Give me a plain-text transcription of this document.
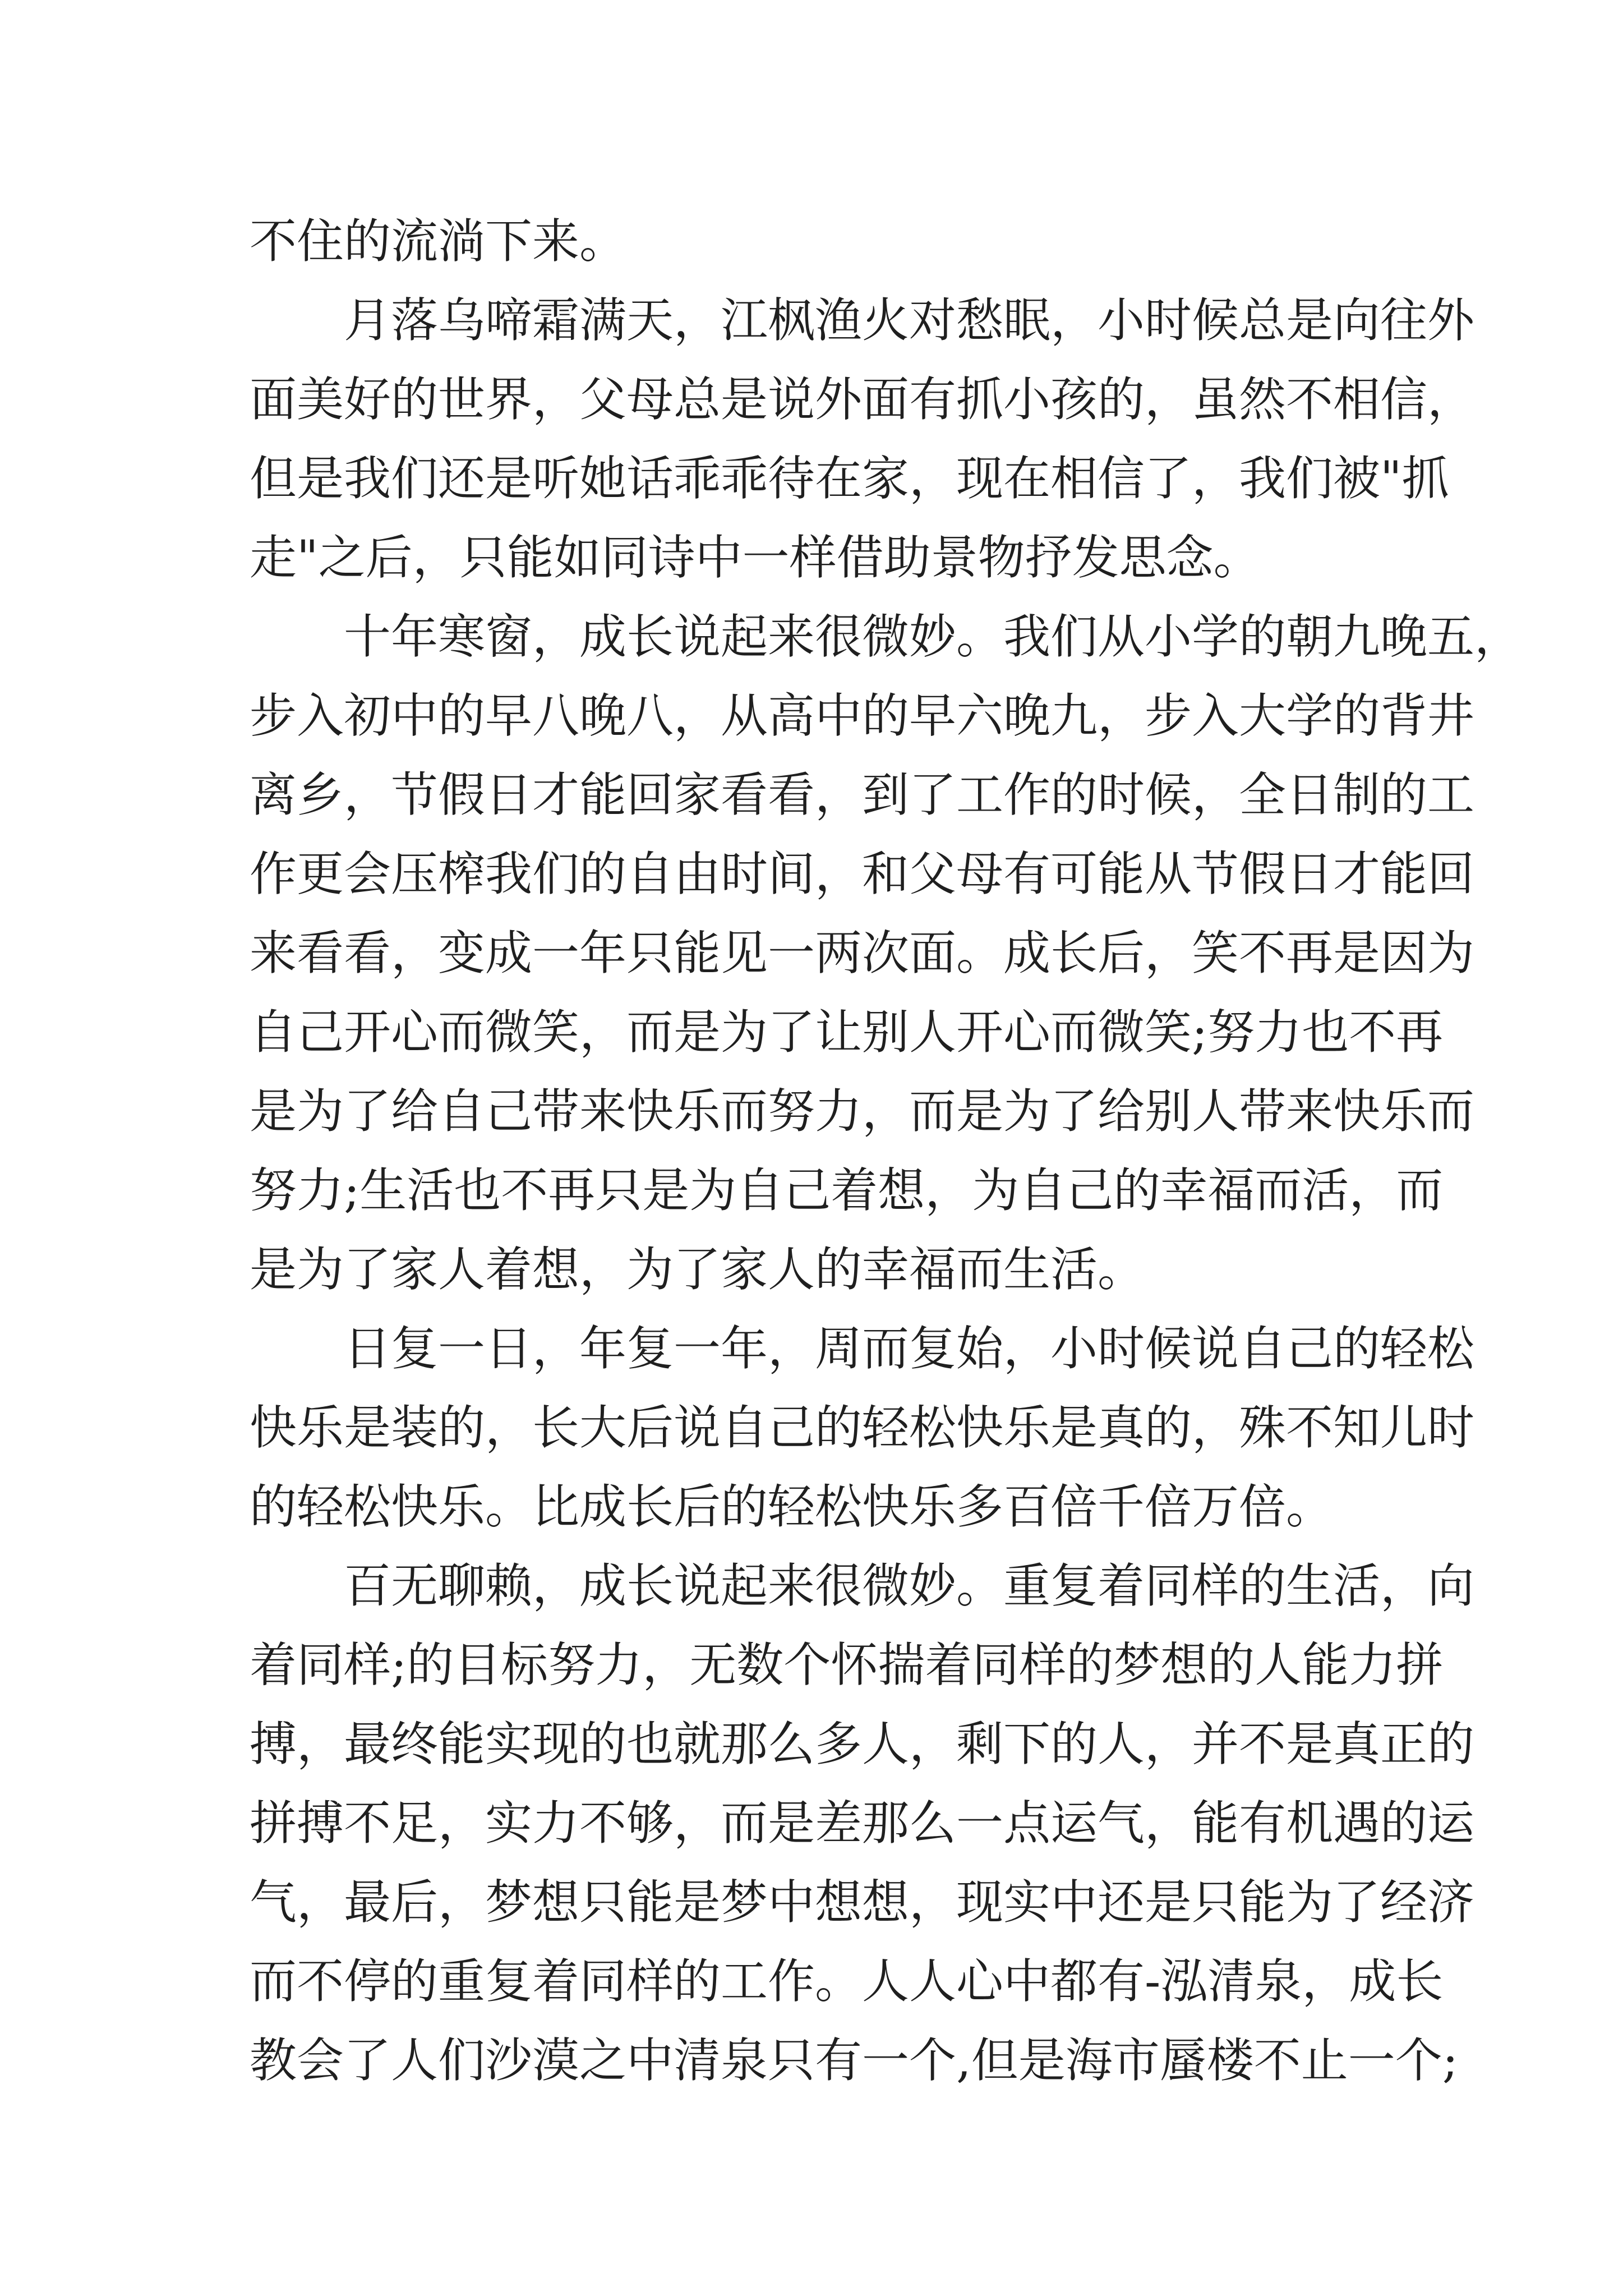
不住的流淌下来。

月落乌啼霜满天，江枫渔火对愁眠，小时候总是向往外
面美好的世界，父母总是说外面有抓小孩的，虽然不相信，
但是我们还是听她话乖乖待在家，现在相信了，我们被"抓
走"之后，只能如同诗中一样借助景物抒发思念。

十年寒窗，成长说起来很微妙。我们从小学的朝九晚五，
步入初中的早八晚八，从高中的早六晚九，步入大学的背井
离乡，节假日才能回家看看，到了工作的时候，全日制的工
作更会压榨我们的自由时间，和父母有可能从节假日才能回
来看看，变成一年只能见一两次面。成长后，笑不再是因为
自己开心而微笑，而是为了让别人开心而微笑;努力也不再
是为了给自己带来快乐而努力，而是为了给别人带来快乐而
努力;生活也不再只是为自己着想，为自己的幸福而活，而
是为了家人着想，为了家人的幸福而生活。

日复一日，年复一年，周而复始，小时候说自己的轻松
快乐是装的，长大后说自己的轻松快乐是真的，殊不知儿时
的轻松快乐。比成长后的轻松快乐多百倍千倍万倍。

百无聊赖，成长说起来很微妙。重复着同样的生活，向
着同样;的目标努力，无数个怀揣着同样的梦想的人能力拼
搏，最终能实现的也就那么多人，剩下的人，并不是真正的
拼搏不足，实力不够，而是差那么一点运气，能有机遇的运
气，最后，梦想只能是梦中想想，现实中还是只能为了经济
而不停的重复着同样的工作。人人心中都有-泓清泉，成长
教会了人们沙漠之中清泉只有一个,但是海市蜃楼不止一个;
